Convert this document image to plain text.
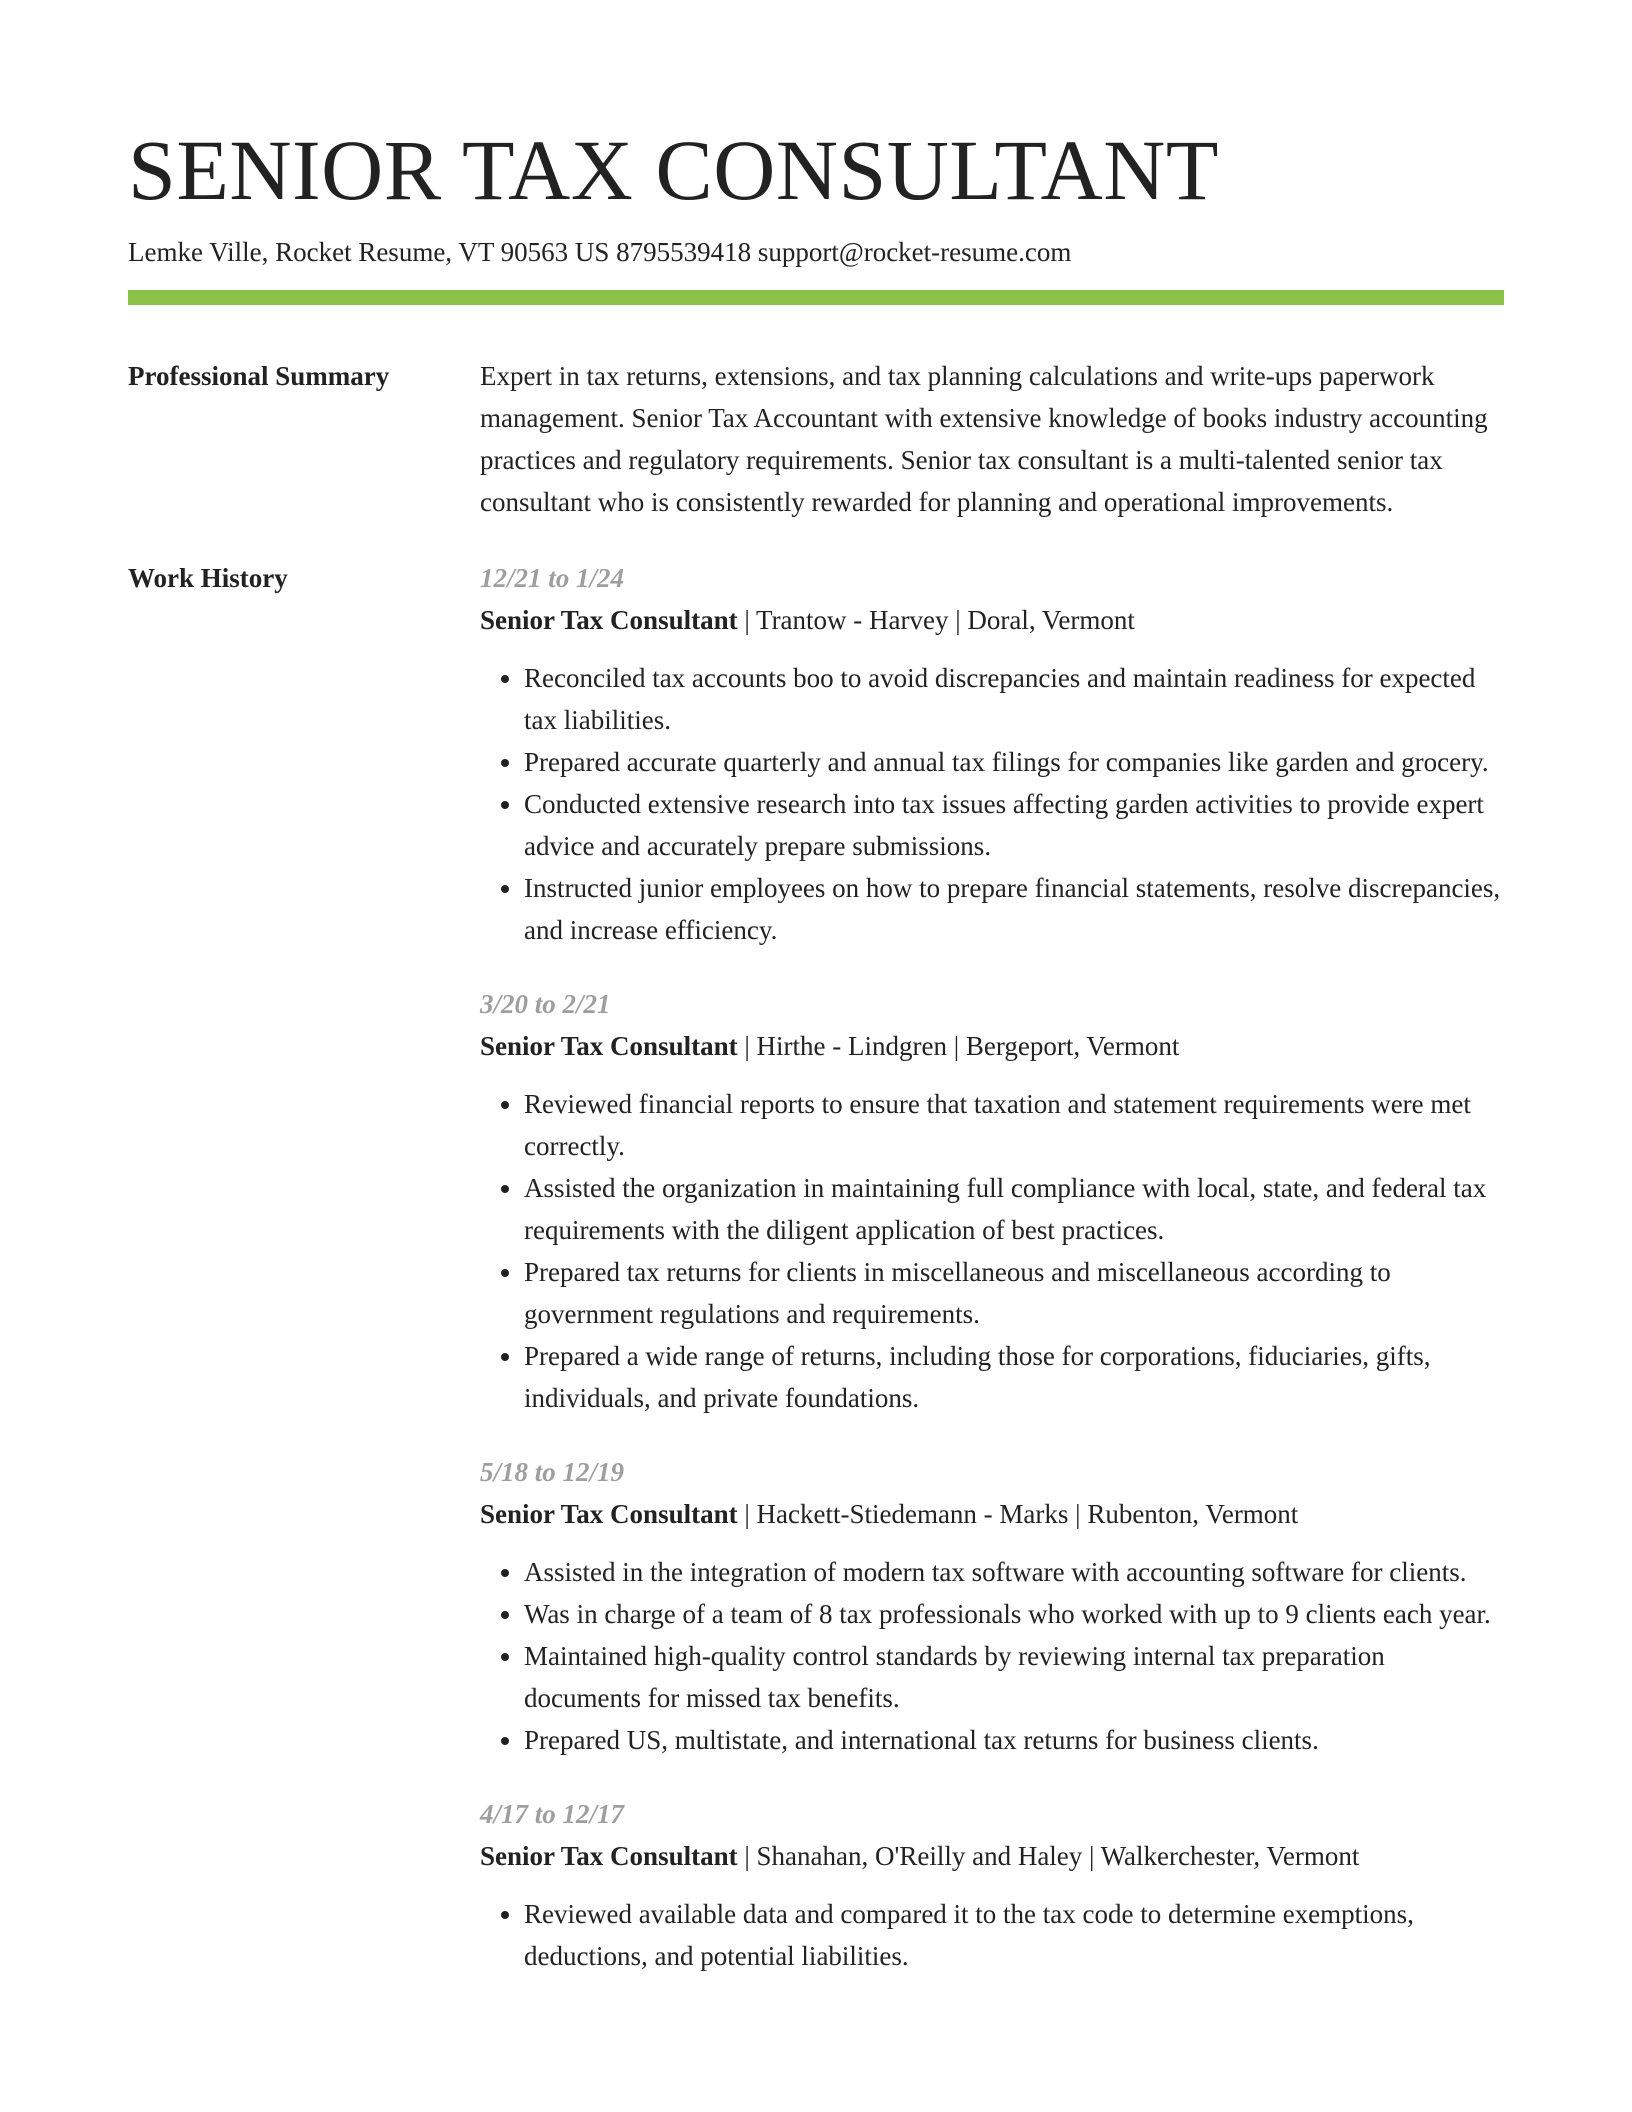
SENIOR TAX CONSULTANT
Lemke Ville, Rocket Resume, VT 90563 US 8795539418 support@rocket-resume.com
Professional Summary	Expert in tax returns, extensions, and tax planning calculations and write-ups paperwork management. Senior Tax Accountant with extensive knowledge of books industry accounting practices and regulatory requirements. Senior tax consultant is a multi-talented senior tax consultant who is consistently rewarded for planning and operational improvements.

Work History	12/21 to 1/24
Senior Tax Consultant | Trantow - Harvey | Doral, Vermont
• Reconciled tax accounts boo to avoid discrepancies and maintain readiness for expected tax liabilities.
• Prepared accurate quarterly and annual tax filings for companies like garden and grocery.
• Conducted extensive research into tax issues affecting garden activities to provide expert advice and accurately prepare submissions.
• Instructed junior employees on how to prepare financial statements, resolve discrepancies, and increase efficiency.
3/20 to 2/21
Senior Tax Consultant | Hirthe - Lindgren | Bergeport, Vermont
• Reviewed financial reports to ensure that taxation and statement requirements were met correctly.
• Assisted the organization in maintaining full compliance with local, state, and federal tax requirements with the diligent application of best practices.
• Prepared tax returns for clients in miscellaneous and miscellaneous according to government regulations and requirements.
• Prepared a wide range of returns, including those for corporations, fiduciaries, gifts, individuals, and private foundations.
5/18 to 12/19
Senior Tax Consultant | Hackett-Stiedemann - Marks | Rubenton, Vermont
• Assisted in the integration of modern tax software with accounting software for clients.
• Was in charge of a team of 8 tax professionals who worked with up to 9 clients each year.
• Maintained high-quality control standards by reviewing internal tax preparation documents for missed tax benefits.
• Prepared US, multistate, and international tax returns for business clients.
4/17 to 12/17
Senior Tax Consultant | Shanahan, O'Reilly and Haley | Walkerchester, Vermont
• Reviewed available data and compared it to the tax code to determine exemptions, deductions, and potential liabilities.
